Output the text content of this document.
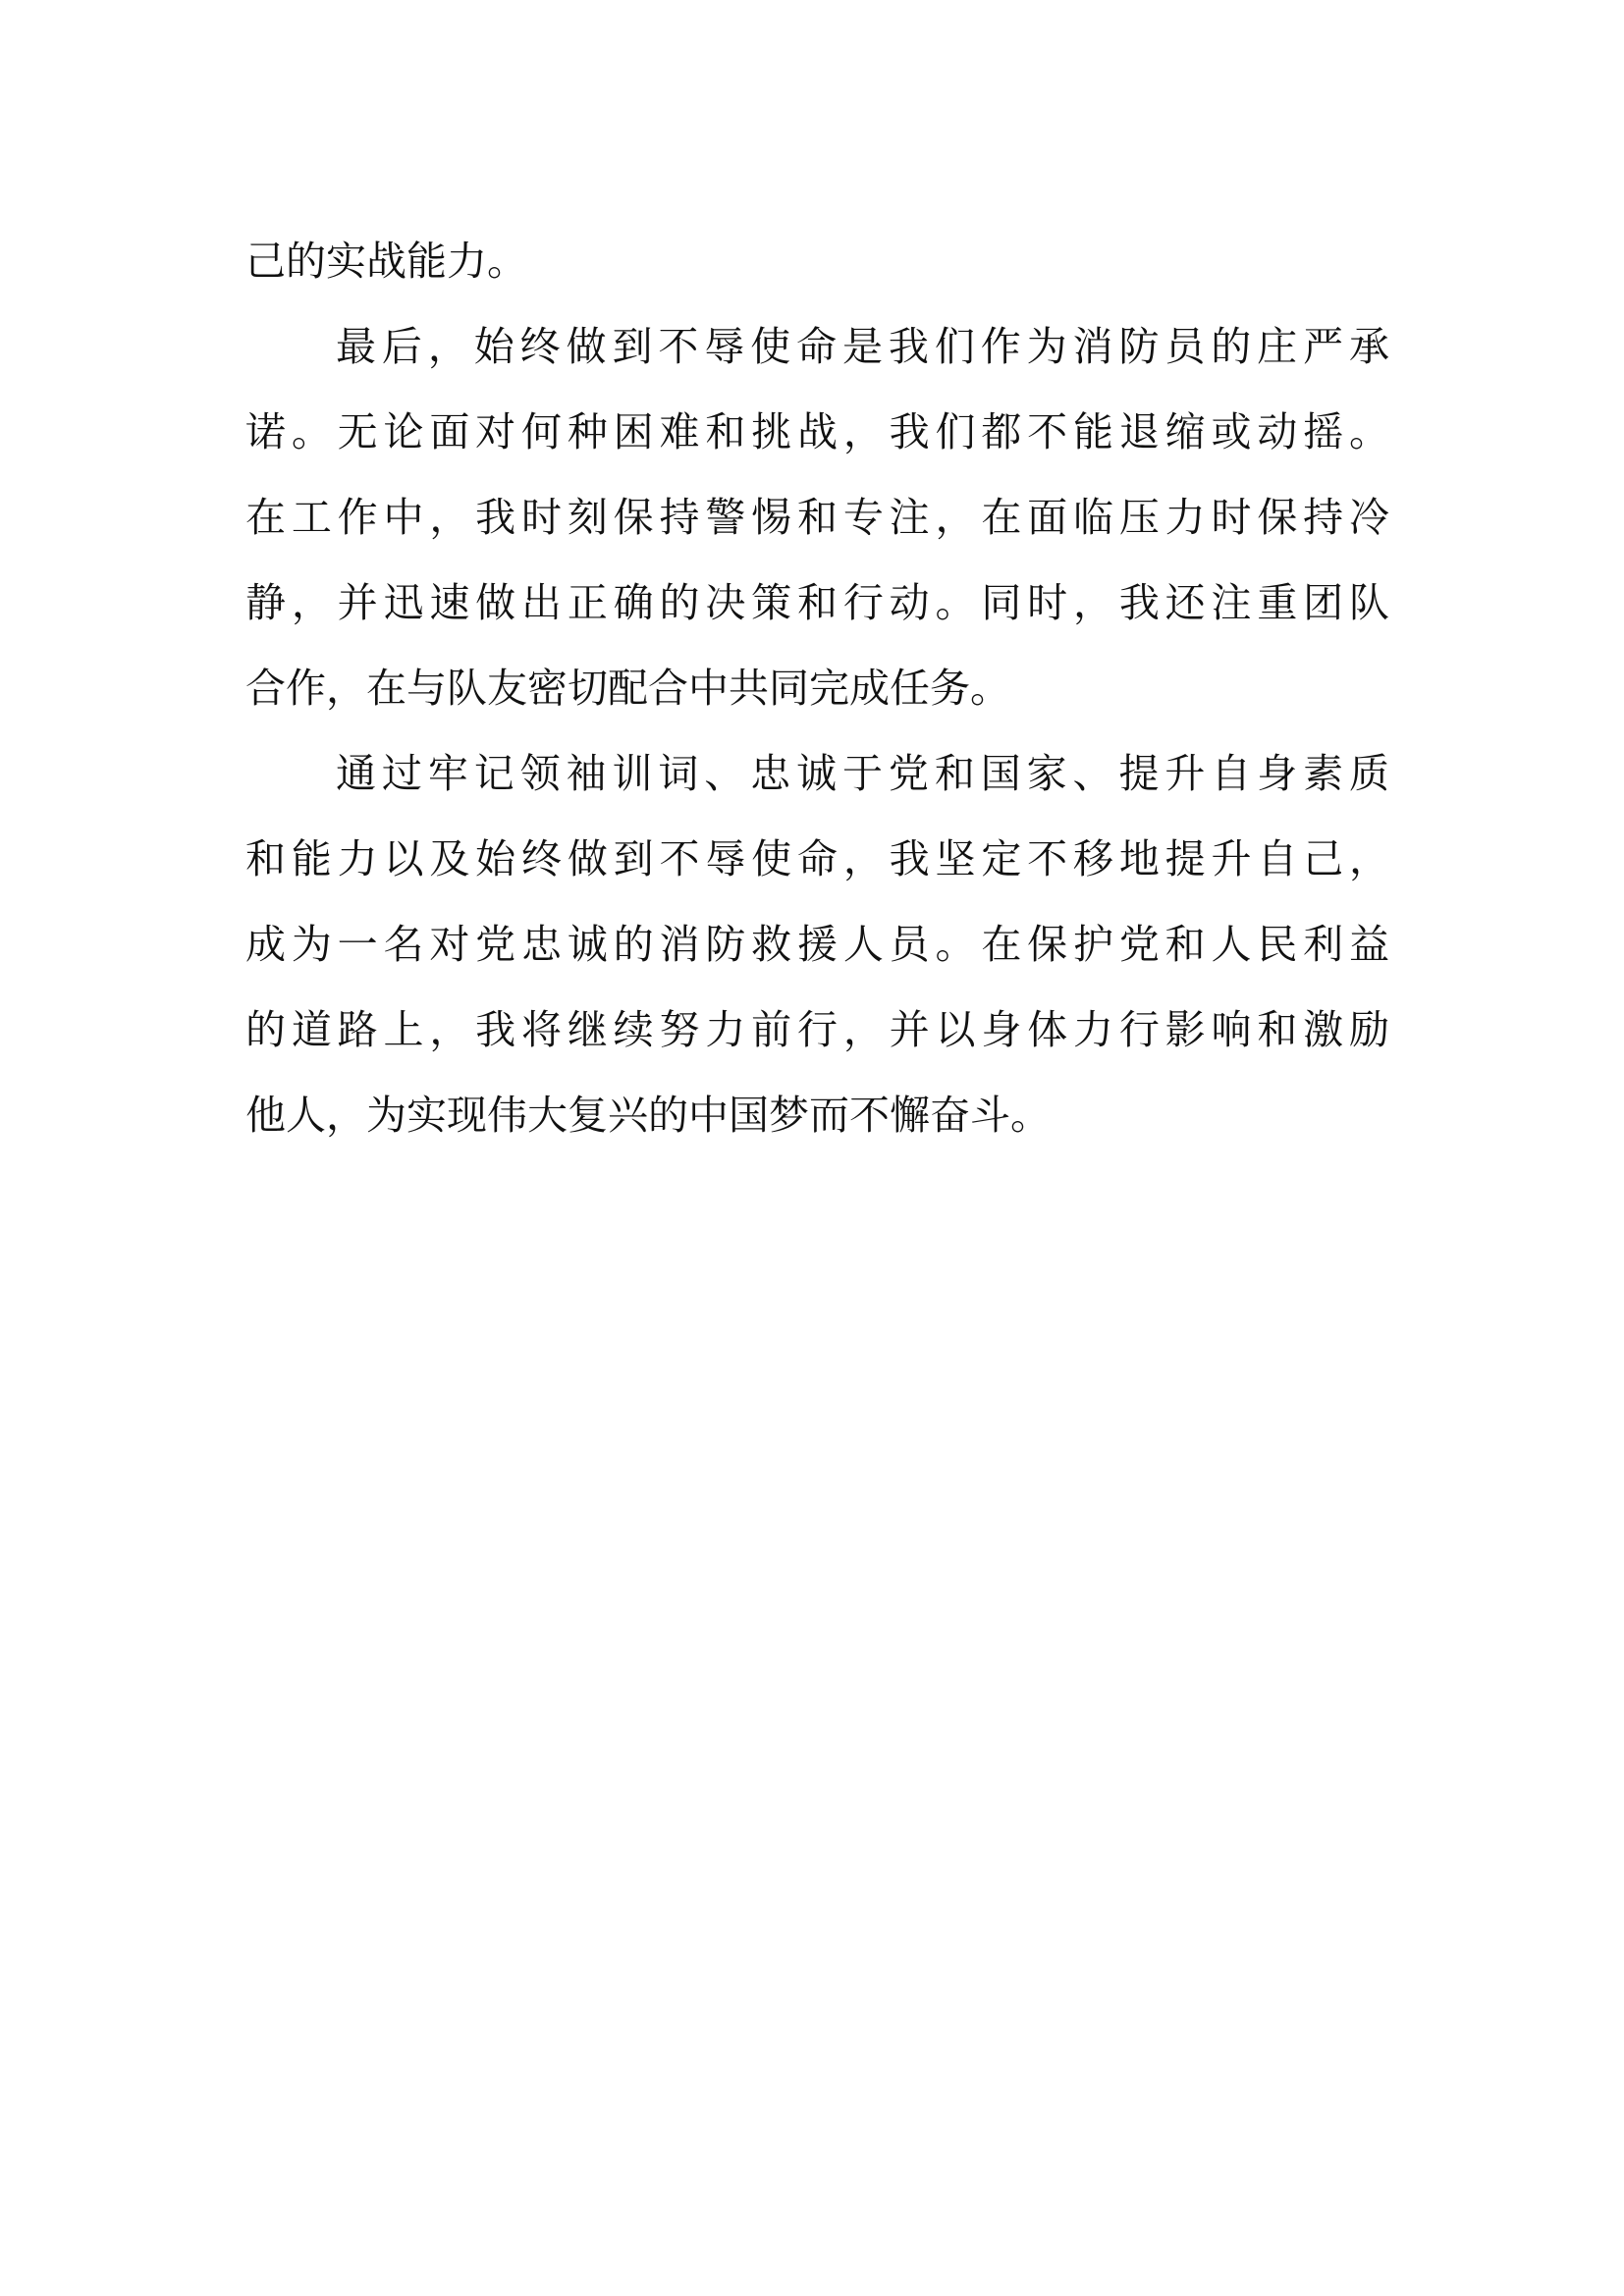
己的实战能力。
最后，始终做到不辱使命是我们作为消防员的庄严承
诺。无论面对何种困难和挑战，我们都不能退缩或动摇。
在工作中，我时刻保持警惕和专注，在面临压力时保持冷
静，并迅速做出正确的决策和行动。同时，我还注重团队
合作，在与队友密切配合中共同完成任务。
通过牢记领袖训词、忠诚于党和国家、提升自身素质
和能力以及始终做到不辱使命，我坚定不移地提升自己，
成为一名对党忠诚的消防救援人员。在保护党和人民利益
的道路上，我将继续努力前行，并以身体力行影响和激励
他人，为实现伟大复兴的中国梦而不懈奋斗。
